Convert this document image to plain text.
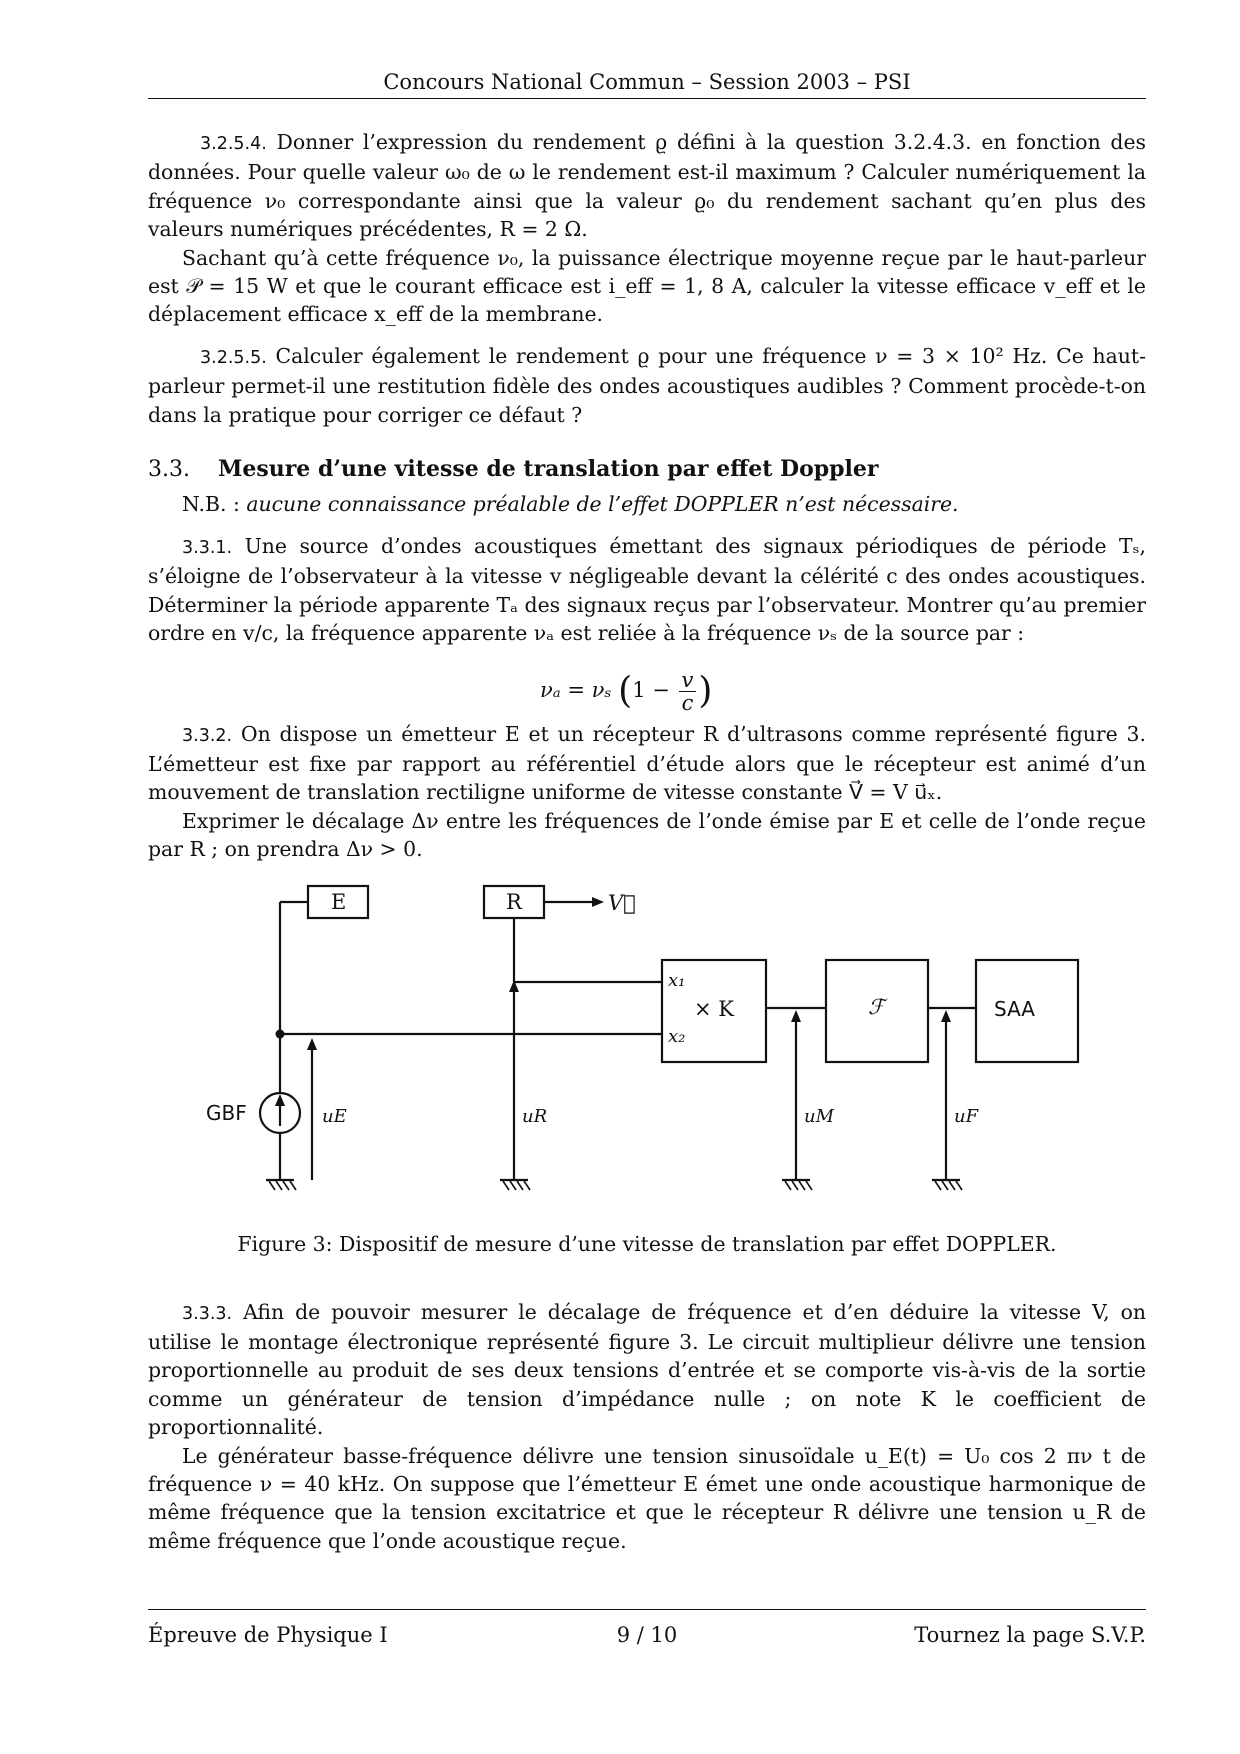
Concours National Commun – Session 2003 – PSI

3.2.5.4. Donner l’expression du rendement ϱ défini à la question 3.2.4.3. en fonction des données. Pour quelle valeur ω₀ de ω le rendement est-il maximum ? Calculer numériquement la fréquence ν₀ correspondante ainsi que la valeur ϱ₀ du rendement sachant qu’en plus des valeurs numériques précédentes, R = 2 Ω.

Sachant qu’à cette fréquence ν₀, la puissance électrique moyenne reçue par le haut-parleur est 𝒫 = 15 W et que le courant efficace est i_eff = 1, 8 A, calculer la vitesse efficace v_eff et le déplacement efficace x_eff de la membrane.

3.2.5.5. Calculer également le rendement ϱ pour une fréquence ν = 3 × 10² Hz. Ce haut-parleur permet-il une restitution fidèle des ondes acoustiques audibles ? Comment procède-t-on dans la pratique pour corriger ce défaut ?

3.3. Mesure d’une vitesse de translation par effet Doppler

N.B. : aucune connaissance préalable de l’effet DOPPLER n’est nécessaire.

3.3.1. Une source d’ondes acoustiques émettant des signaux périodiques de période Tₛ, s’éloigne de l’observateur à la vitesse v négligeable devant la célérité c des ondes acoustiques. Déterminer la période apparente Tₐ des signaux reçus par l’observateur. Montrer qu’au premier ordre en v/c, la fréquence apparente νₐ est reliée à la fréquence νₛ de la source par :

νₐ = νₛ ($1 - \frac{v}{c}$ )

3.3.2. On dispose un émetteur E et un récepteur R d’ultrasons comme représenté figure 3. L’émetteur est fixe par rapport au référentiel d’étude alors que le récepteur est animé d’un mouvement de translation rectiligne uniforme de vitesse constante V⃗ = V u⃗ₓ.

Exprimer le décalage Δν entre les fréquences de l’onde émise par E et celle de l’onde reçue par R ; on prendra Δν > 0.

E	R	V⃗
x₁
x₂
× K	ℱ	SAA
GBF	uE	uR	uM	uF
Figure 3: Dispositif de mesure d’une vitesse de translation par effet DOPPLER.

3.3.3. Afin de pouvoir mesurer le décalage de fréquence et d’en déduire la vitesse V, on utilise le montage électronique représenté figure 3. Le circuit multiplieur délivre une tension proportionnelle au produit de ses deux tensions d’entrée et se comporte vis-à-vis de la sortie comme un générateur de tension d’impédance nulle ; on note K le coefficient de proportionnalité.

Le générateur basse-fréquence délivre une tension sinusoïdale u_E(t) = U₀ cos 2 πν t de fréquence ν = 40 kHz. On suppose que l’émetteur E émet une onde acoustique harmonique de même fréquence que la tension excitatrice et que le récepteur R délivre une tension u_R de même fréquence que l’onde acoustique reçue.

Épreuve de Physique I	9 / 10	Tournez la page S.V.P.
